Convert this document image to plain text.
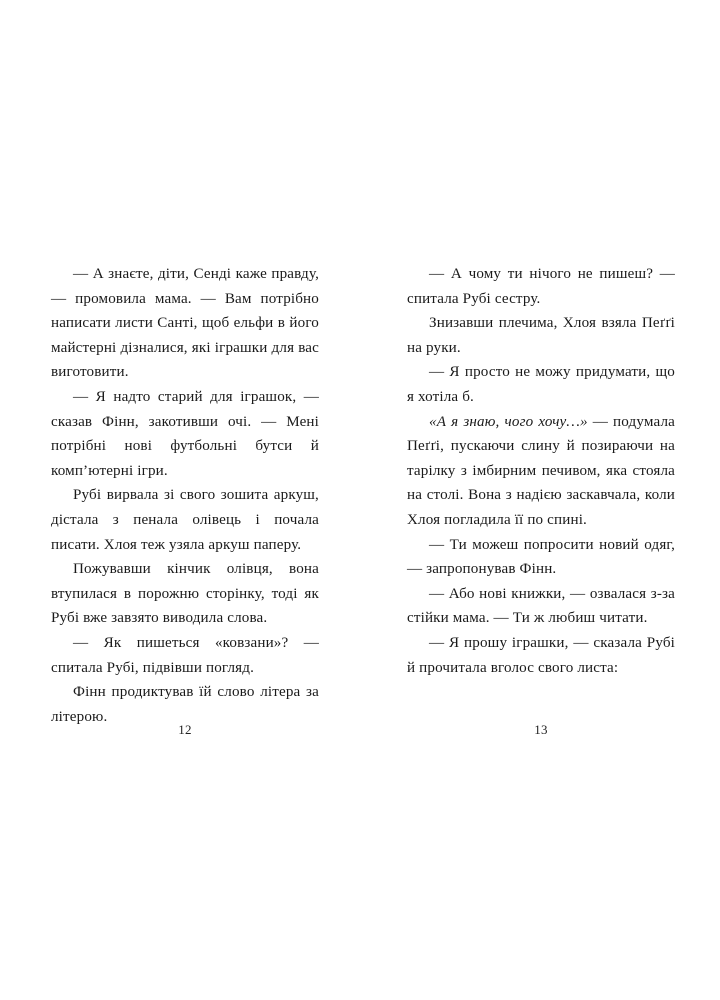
— А знаєте, діти, Сенді каже правду, — промовила мама. — Вам потрібно написати листи Санті, щоб ельфи в його майстерні дізналися, які іграшки для вас виготовити.

— Я надто старий для іграшок, — сказав Фінн, закотивши очі. — Мені потрібні нові футбольні бутси й комп’ютерні ігри.

Рубі вирвала зі свого зошита аркуш, дістала з пенала олівець і почала писати. Хлоя теж узяла аркуш паперу.

Пожувавши кінчик олівця, вона втупилася в порожню сторінку, тоді як Рубі вже завзято виводила слова.

— Як пишеться «ковзани»? — спитала Рубі, підвівши погляд.

Фінн продиктував їй слово літера за літерою.

12

— А чому ти нічого не пишеш? — спитала Рубі сестру.

Знизавши плечима, Хлоя взяла Пеґґі на руки.

— Я просто не можу придумати, що я хотіла б.

«А я знаю, чого хочу…» — подумала Пеґґі, пускаючи слину й позираючи на тарілку з імбирним печивом, яка стояла на столі. Вона з надією заскавчала, коли Хлоя погладила її по спині.

— Ти можеш попросити новий одяг, — запропонував Фінн.

— Або нові книжки, — озвалася з-за стійки мама. — Ти ж любиш читати.

— Я прошу іграшки, — сказала Рубі й прочитала вголос свого листа:

13
